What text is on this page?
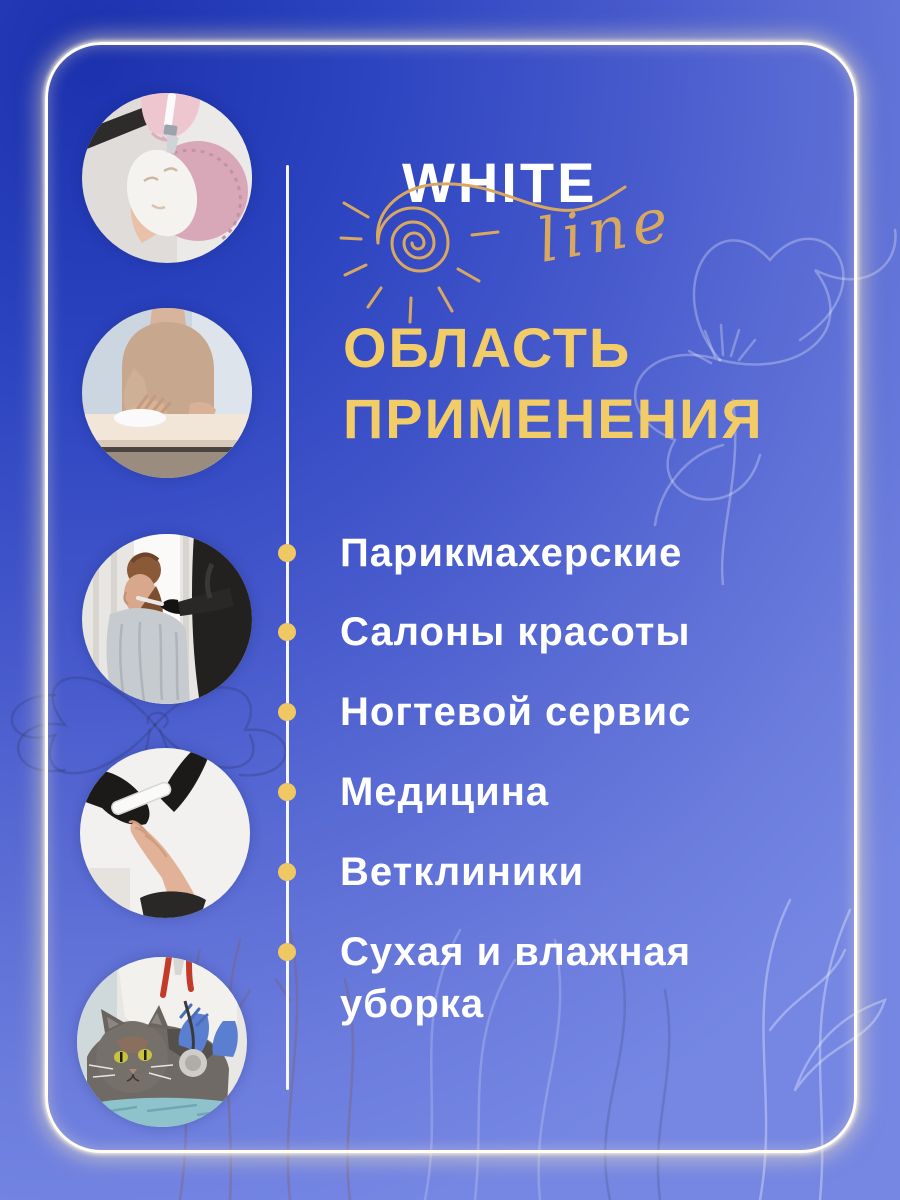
WHITE
line
ОБЛАСТЬ
ПРИМЕНЕНИЯ
Парикмахерские
Салоны красоты
Ногтевой сервис
Медицина
Ветклиники
Сухая и влажная уборка
